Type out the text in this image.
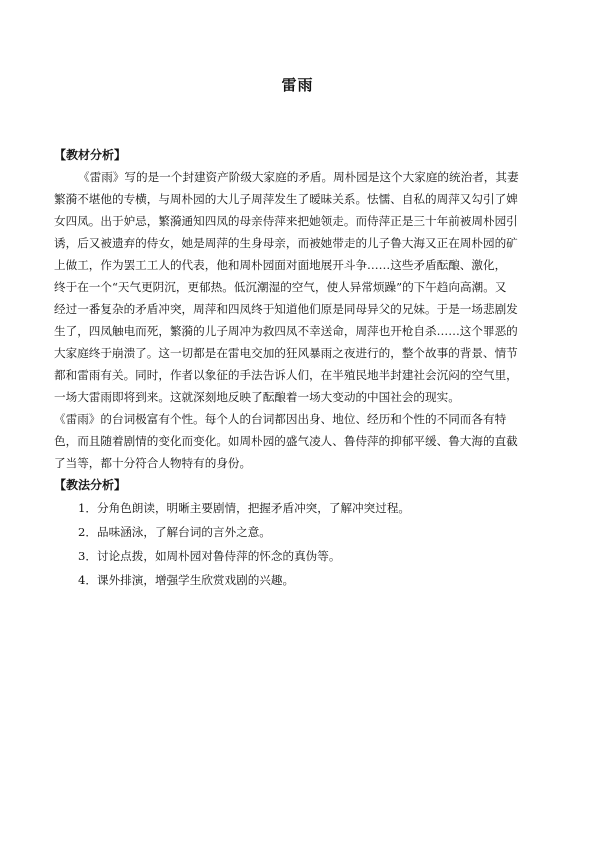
雷雨
【教材分析】
《雷雨》写的是一个封建资产阶级大家庭的矛盾。周朴园是这个大家庭的统治者，其妻
繁漪不堪他的专横，与周朴园的大儿子周萍发生了暧昧关系。怯懦、自私的周萍又勾引了婢
女四凤。出于妒忌，繁漪通知四凤的母亲侍萍来把她领走。而侍萍正是三十年前被周朴园引
诱，后又被遗弃的侍女，她是周萍的生身母亲，而被她带走的儿子鲁大海又正在周朴园的矿
上做工，作为罢工工人的代表，他和周朴园面对面地展开斗争……这些矛盾酝酿、激化，
终于在一个“天气更阴沉，更郁热。低沉潮湿的空气，使人异常烦躁”的下午趋向高潮。又
经过一番复杂的矛盾冲突，周萍和四凤终于知道他们原是同母异父的兄妹。于是一场悲剧发
生了，四凤触电而死，繁漪的儿子周冲为救四凤不幸送命，周萍也开枪自杀……这个罪恶的
大家庭终于崩溃了。这一切都是在雷电交加的狂风暴雨之夜进行的，整个故事的背景、情节
都和雷雨有关。同时，作者以象征的手法告诉人们，在半殖民地半封建社会沉闷的空气里，
一场大雷雨即将到来。这就深刻地反映了酝酿着一场大变动的中国社会的现实。
《雷雨》的台词极富有个性。每个人的台词都因出身、地位、经历和个性的不同而各有特
色，而且随着剧情的变化而变化。如周朴园的盛气凌人、鲁侍萍的抑郁平缓、鲁大海的直截
了当等，都十分符合人物特有的身份。
【教法分析】
1．分角色朗读，明晰主要剧情，把握矛盾冲突，了解冲突过程。
2．品味涵泳，了解台词的言外之意。
3．讨论点拨，如周朴园对鲁侍萍的怀念的真伪等。
4．课外排演，增强学生欣赏戏剧的兴趣。
